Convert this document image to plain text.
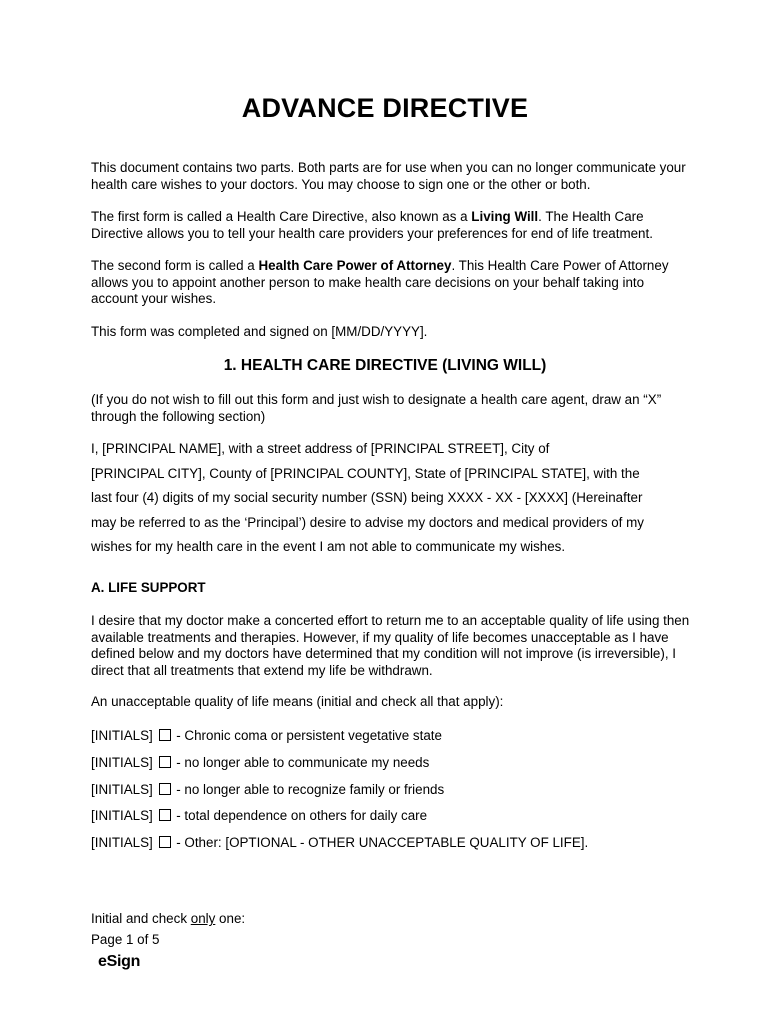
ADVANCE DIRECTIVE
This document contains two parts. Both parts are for use when you can no longer communicate your health care wishes to your doctors. You may choose to sign one or the other or both.
The first form is called a Health Care Directive, also known as a Living Will. The Health Care Directive allows you to tell your health care providers your preferences for end of life treatment.
The second form is called a Health Care Power of Attorney. This Health Care Power of Attorney allows you to appoint another person to make health care decisions on your behalf taking into account your wishes.
This form was completed and signed on [MM/DD/YYYY].
1. HEALTH CARE DIRECTIVE (LIVING WILL)
(If you do not wish to fill out this form and just wish to designate a health care agent, draw an “X” through the following section)
I, [PRINCIPAL NAME], with a street address of [PRINCIPAL STREET], City of
[PRINCIPAL CITY], County of [PRINCIPAL COUNTY], State of [PRINCIPAL STATE], with the
last four (4) digits of my social security number (SSN) being XXXX - XX - [XXXX] (Hereinafter
may be referred to as the ‘Principal’) desire to advise my doctors and medical providers of my
wishes for my health care in the event I am not able to communicate my wishes.
A. LIFE SUPPORT
I desire that my doctor make a concerted effort to return me to an acceptable quality of life using then available treatments and therapies. However, if my quality of life becomes unacceptable as I have defined below and my doctors have determined that my condition will not improve (is irreversible), I direct that all treatments that extend my life be withdrawn.
An unacceptable quality of life means (initial and check all that apply):
[INITIALS] - Chronic coma or persistent vegetative state
[INITIALS] - no longer able to communicate my needs
[INITIALS] - no longer able to recognize family or friends
[INITIALS] - total dependence on others for daily care
[INITIALS] - Other: [OPTIONAL - OTHER UNACCEPTABLE QUALITY OF LIFE].
Initial and check only one:
Page 1 of 5
eSign
